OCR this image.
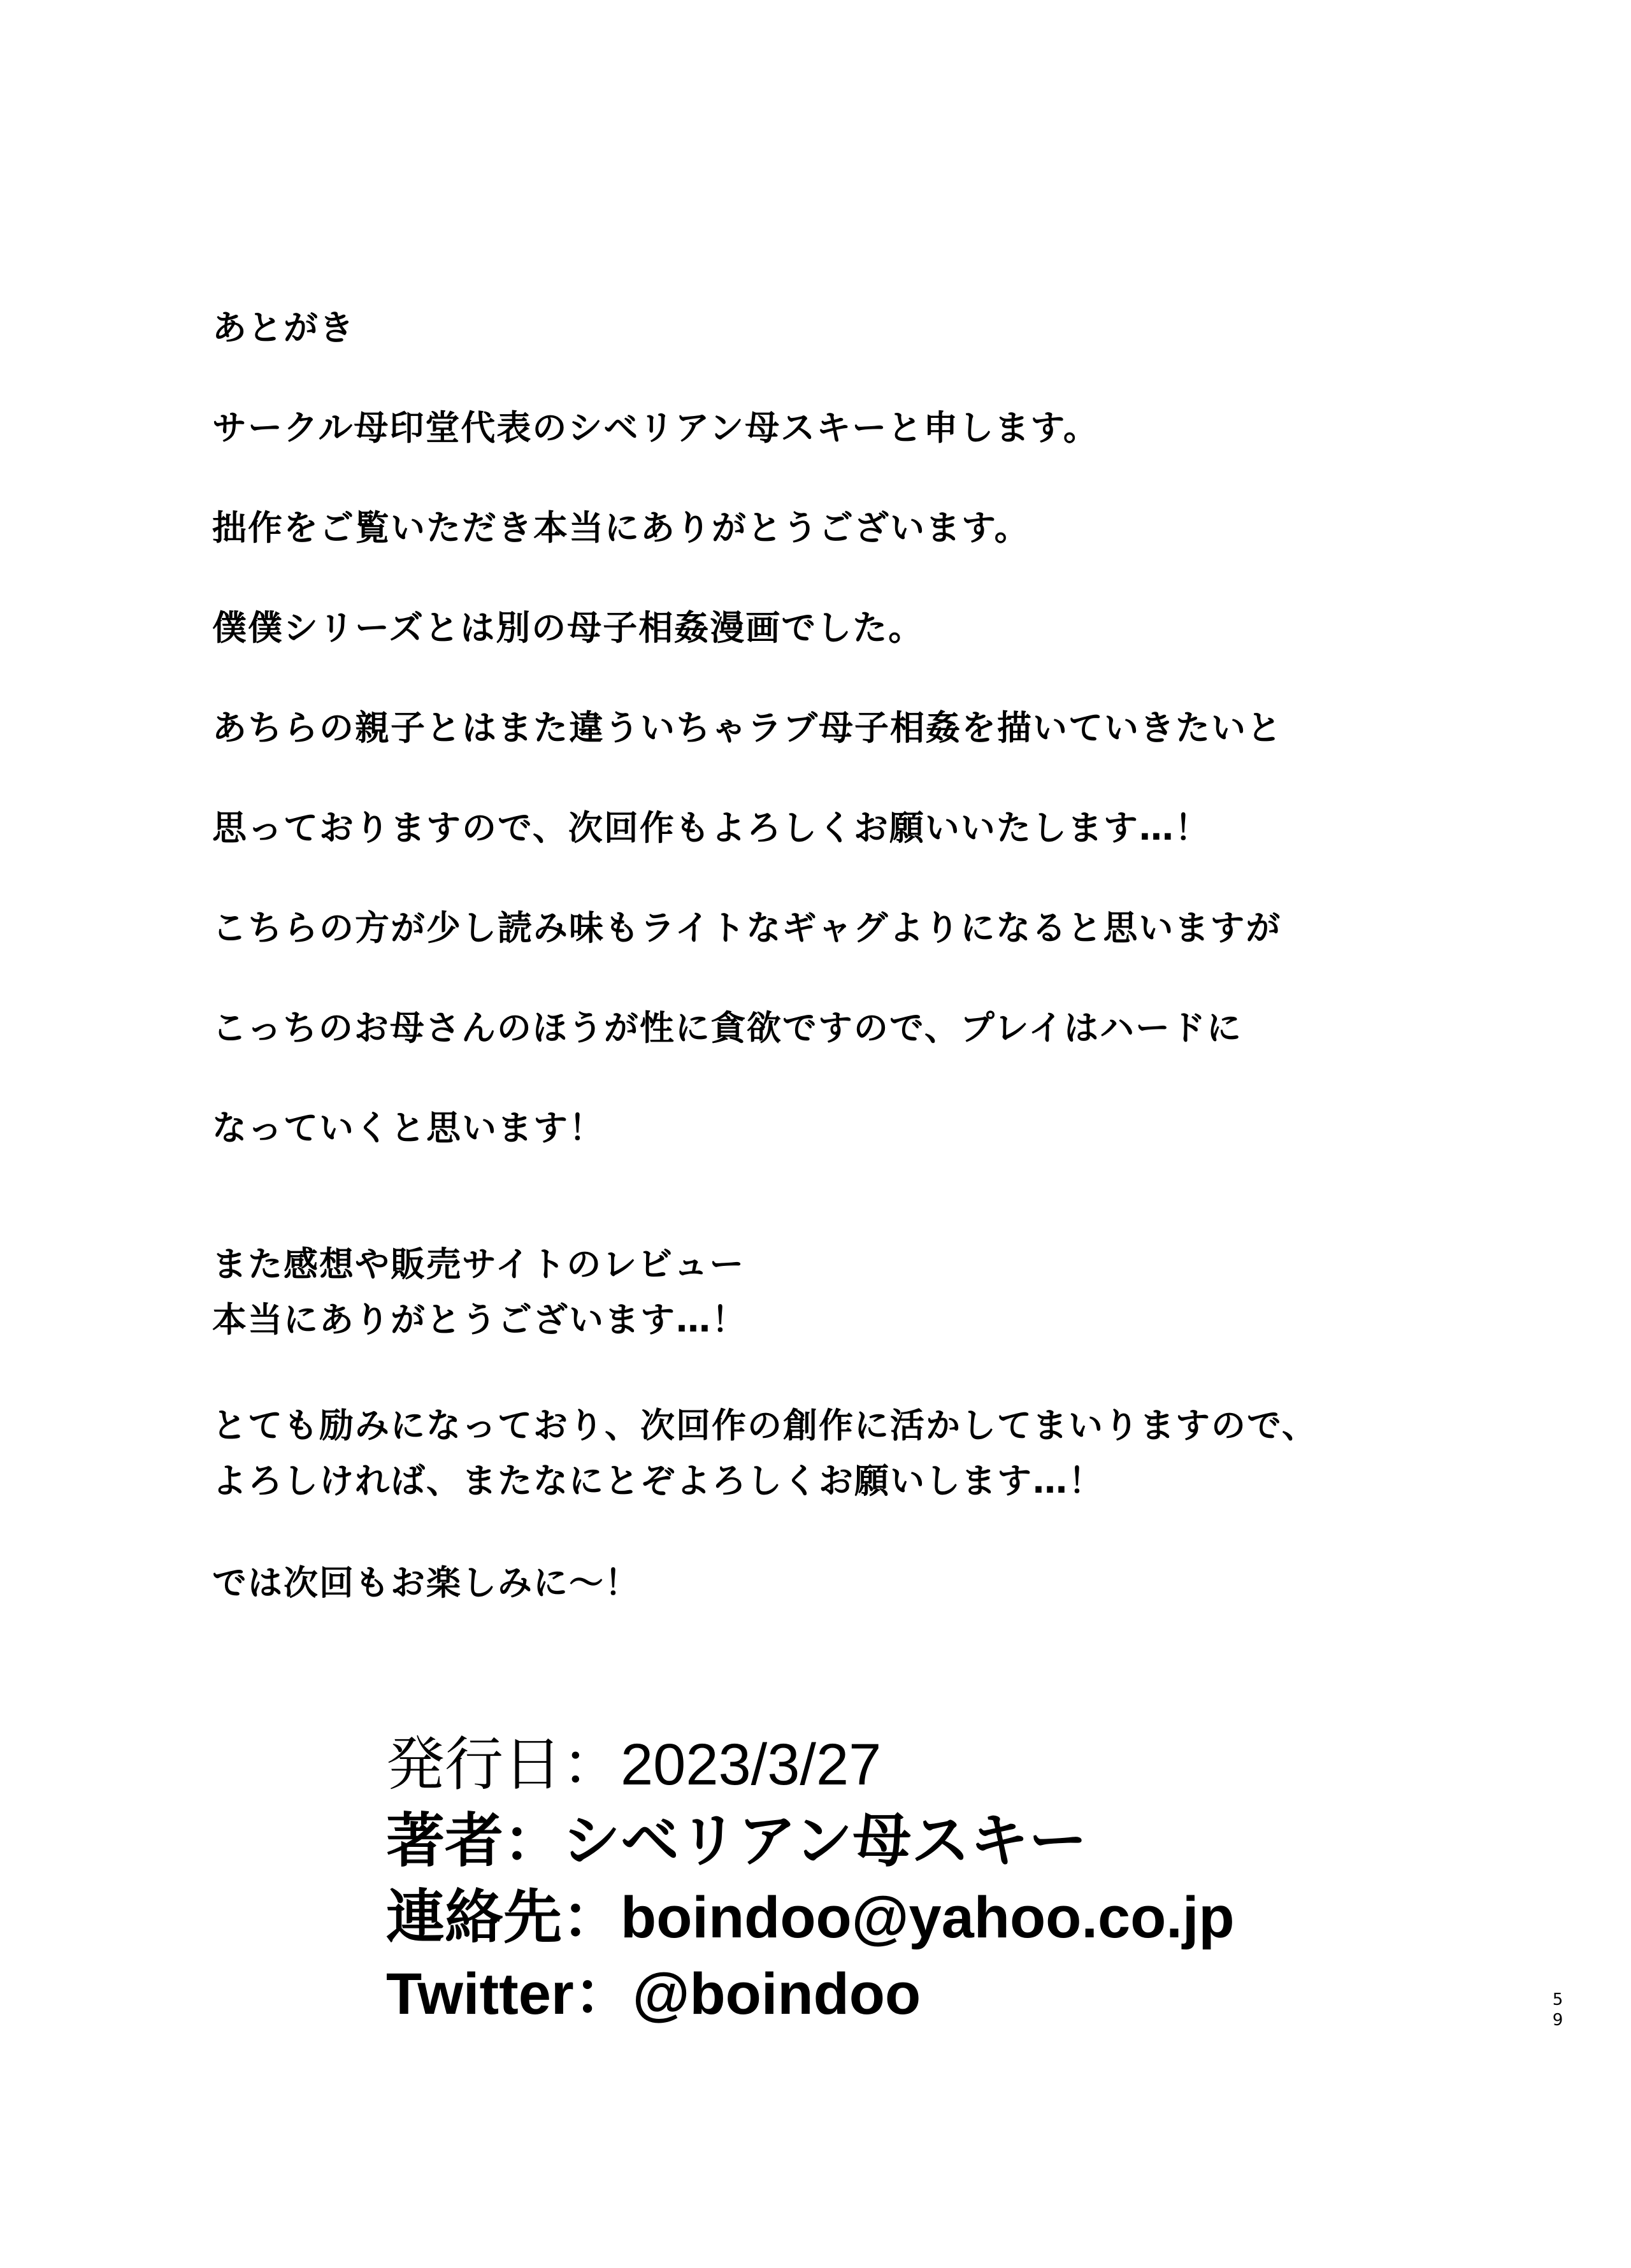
あとがき
サークル母印堂代表のシベリアン母スキーと申します。
拙作をご覧いただき本当にありがとうございます。
僕僕シリーズとは別の母子相姦漫画でした。
あちらの親子とはまた違ういちゃラブ母子相姦を描いていきたいと
思っておりますので、次回作もよろしくお願いいたします…！
こちらの方が少し読み味もライトなギャグよりになると思いますが
こっちのお母さんのほうが性に貪欲ですので、プレイはハードに
なっていくと思います！
また感想や販売サイトのレビュー
本当にありがとうございます…！
とても励みになっており、次回作の創作に活かしてまいりますので、
よろしければ、またなにとぞよろしくお願いします…！
では次回もお楽しみに～！
発行日：2023/3/27
著者：シベリアン母スキー
連絡先：boindoo@yahoo.co.jp
Twitter：@boindoo	59
